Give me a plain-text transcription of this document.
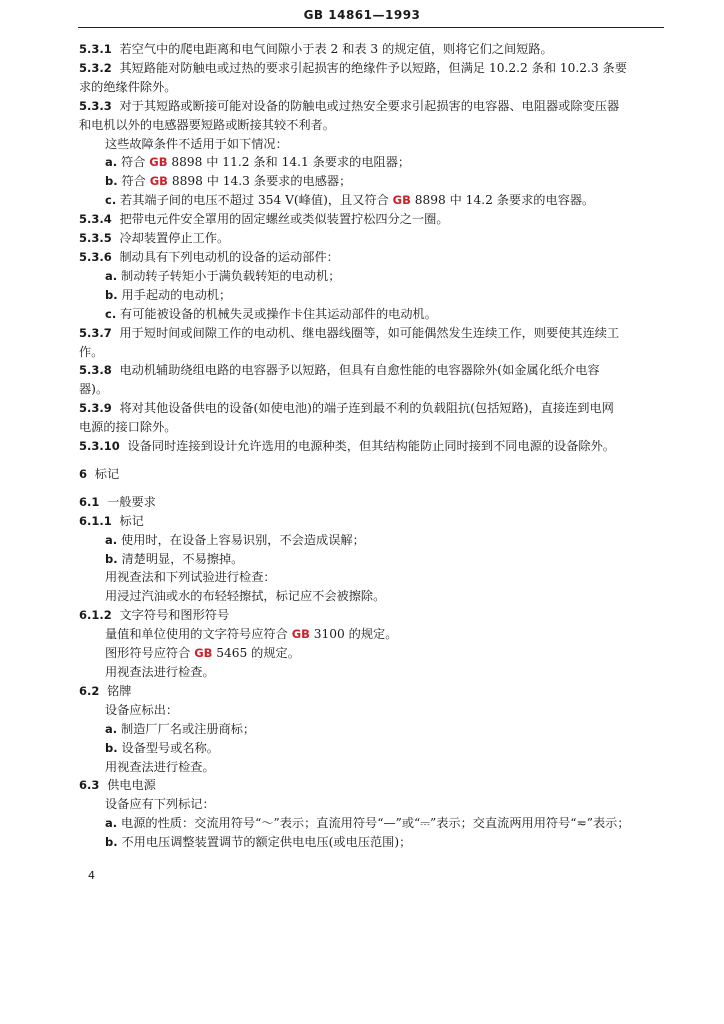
GB 14861—1993
5.3.1  若空气中的爬电距离和电气间隙小于表 2 和表 3 的规定值，则将它们之间短路。
5.3.2  其短路能对防触电或过热的要求引起损害的绝缘件予以短路，但满足 10.2.2 条和 10.2.3 条要
求的绝缘件除外。
5.3.3  对于其短路或断接可能对设备的防触电或过热安全要求引起损害的电容器、电阻器或除变压器
和电机以外的电感器要短路或断接其较不利者。
这些故障条件不适用于如下情况：
a. 符合 GB 8898 中 11.2 条和 14.1 条要求的电阻器；
b. 符合 GB 8898 中 14.3 条要求的电感器；
c. 若其端子间的电压不超过 354 V(峰值)，且又符合 GB 8898 中 14.2 条要求的电容器。
5.3.4  把带电元件安全罩用的固定螺丝或类似装置拧松四分之一圈。
5.3.5  冷却装置停止工作。
5.3.6  制动具有下列电动机的设备的运动部件：
a. 制动转子转矩小于满负载转矩的电动机；
b. 用手起动的电动机；
c. 有可能被设备的机械失灵或操作卡住其运动部件的电动机。
5.3.7  用于短时间或间隙工作的电动机、继电器线圈等，如可能偶然发生连续工作，则要使其连续工
作。
5.3.8  电动机辅助绕组电路的电容器予以短路，但具有自愈性能的电容器除外(如金属化纸介电容
器)。
5.3.9  将对其他设备供电的设备(如使电池)的端子连到最不利的负载阻抗(包括短路)，直接连到电网
电源的接口除外。
5.3.10  设备同时连接到设计允许选用的电源种类，但其结构能防止同时接到不同电源的设备除外。
6  标记
6.1  一般要求
6.1.1  标记
a. 使用时，在设备上容易识别，不会造成误解；
b. 清楚明显，不易擦掉。
用视查法和下列试验进行检查：
用浸过汽油或水的布轻轻擦拭，标记应不会被擦除。
6.1.2  文字符号和图形符号
量值和单位使用的文字符号应符合 GB 3100 的规定。
图形符号应符合 GB 5465 的规定。
用视查法进行检查。
6.2  铭牌
设备应标出：
a. 制造厂厂名或注册商标；
b. 设备型号或名称。
用视查法进行检查。
6.3  供电电源
设备应有下列标记：
a. 电源的性质：交流用符号“～”表示；直流用符号“—”或“⎓”表示；交直流两用用符号“≂”表示；
b. 不用电压调整装置调节的额定供电电压(或电压范围)；
4
